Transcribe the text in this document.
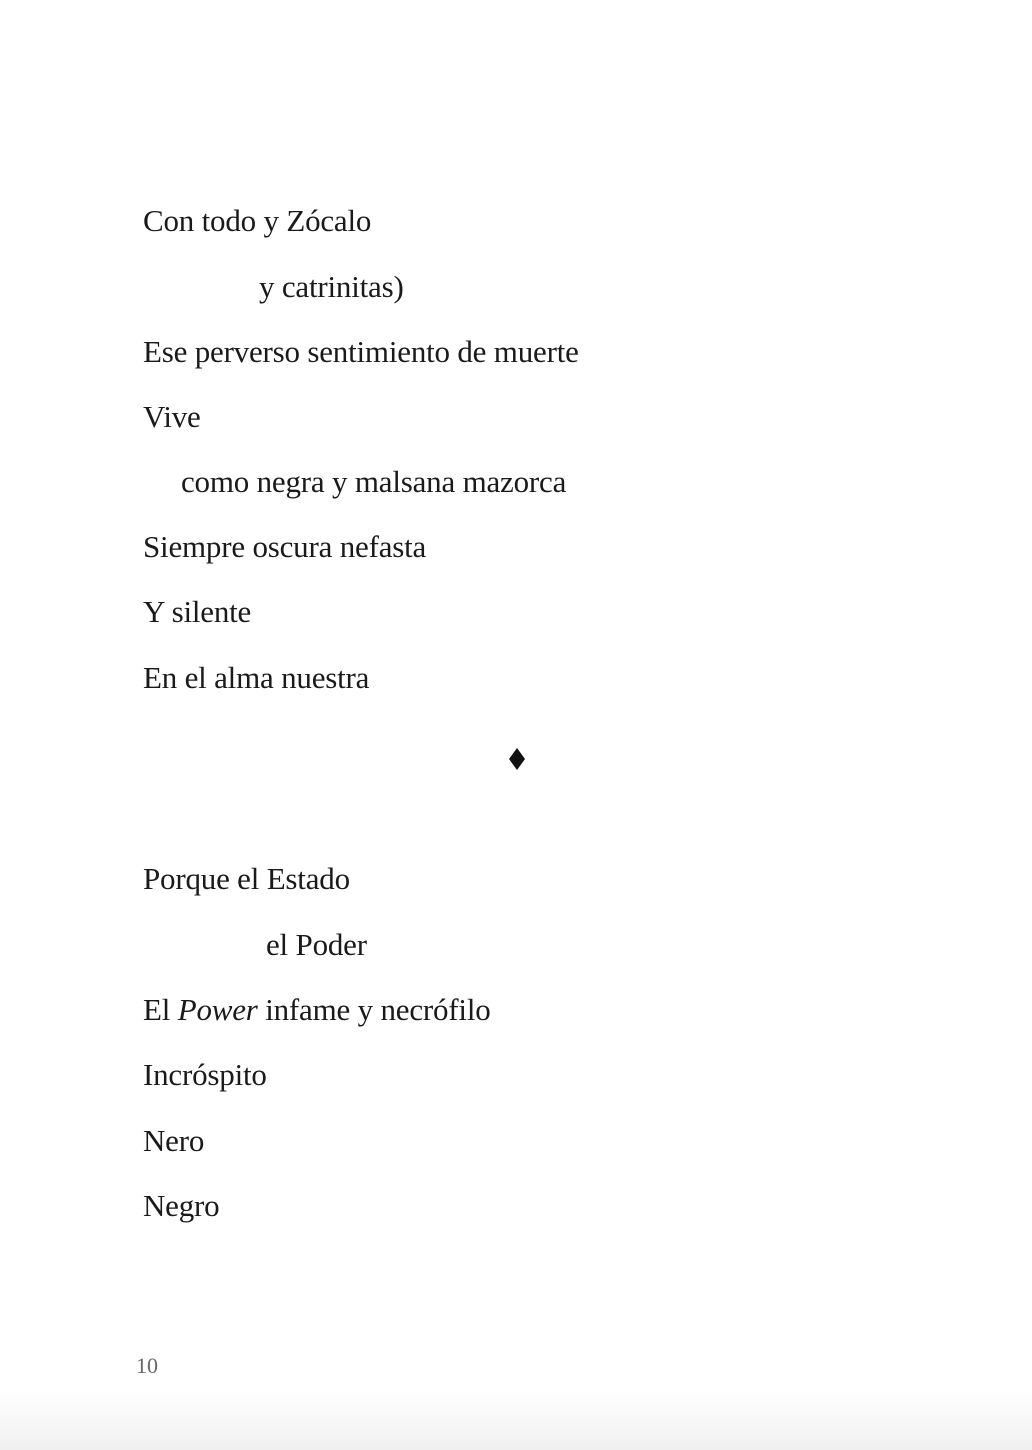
Con todo y Zócalo
y catrinitas)
Ese perverso sentimiento de muerte
Vive
como negra y malsana mazorca
Siempre oscura nefasta
Y silente
En el alma nuestra
Porque el Estado
el Poder
El Power infame y necrófilo
Incróspito
Nero
Negro
10
